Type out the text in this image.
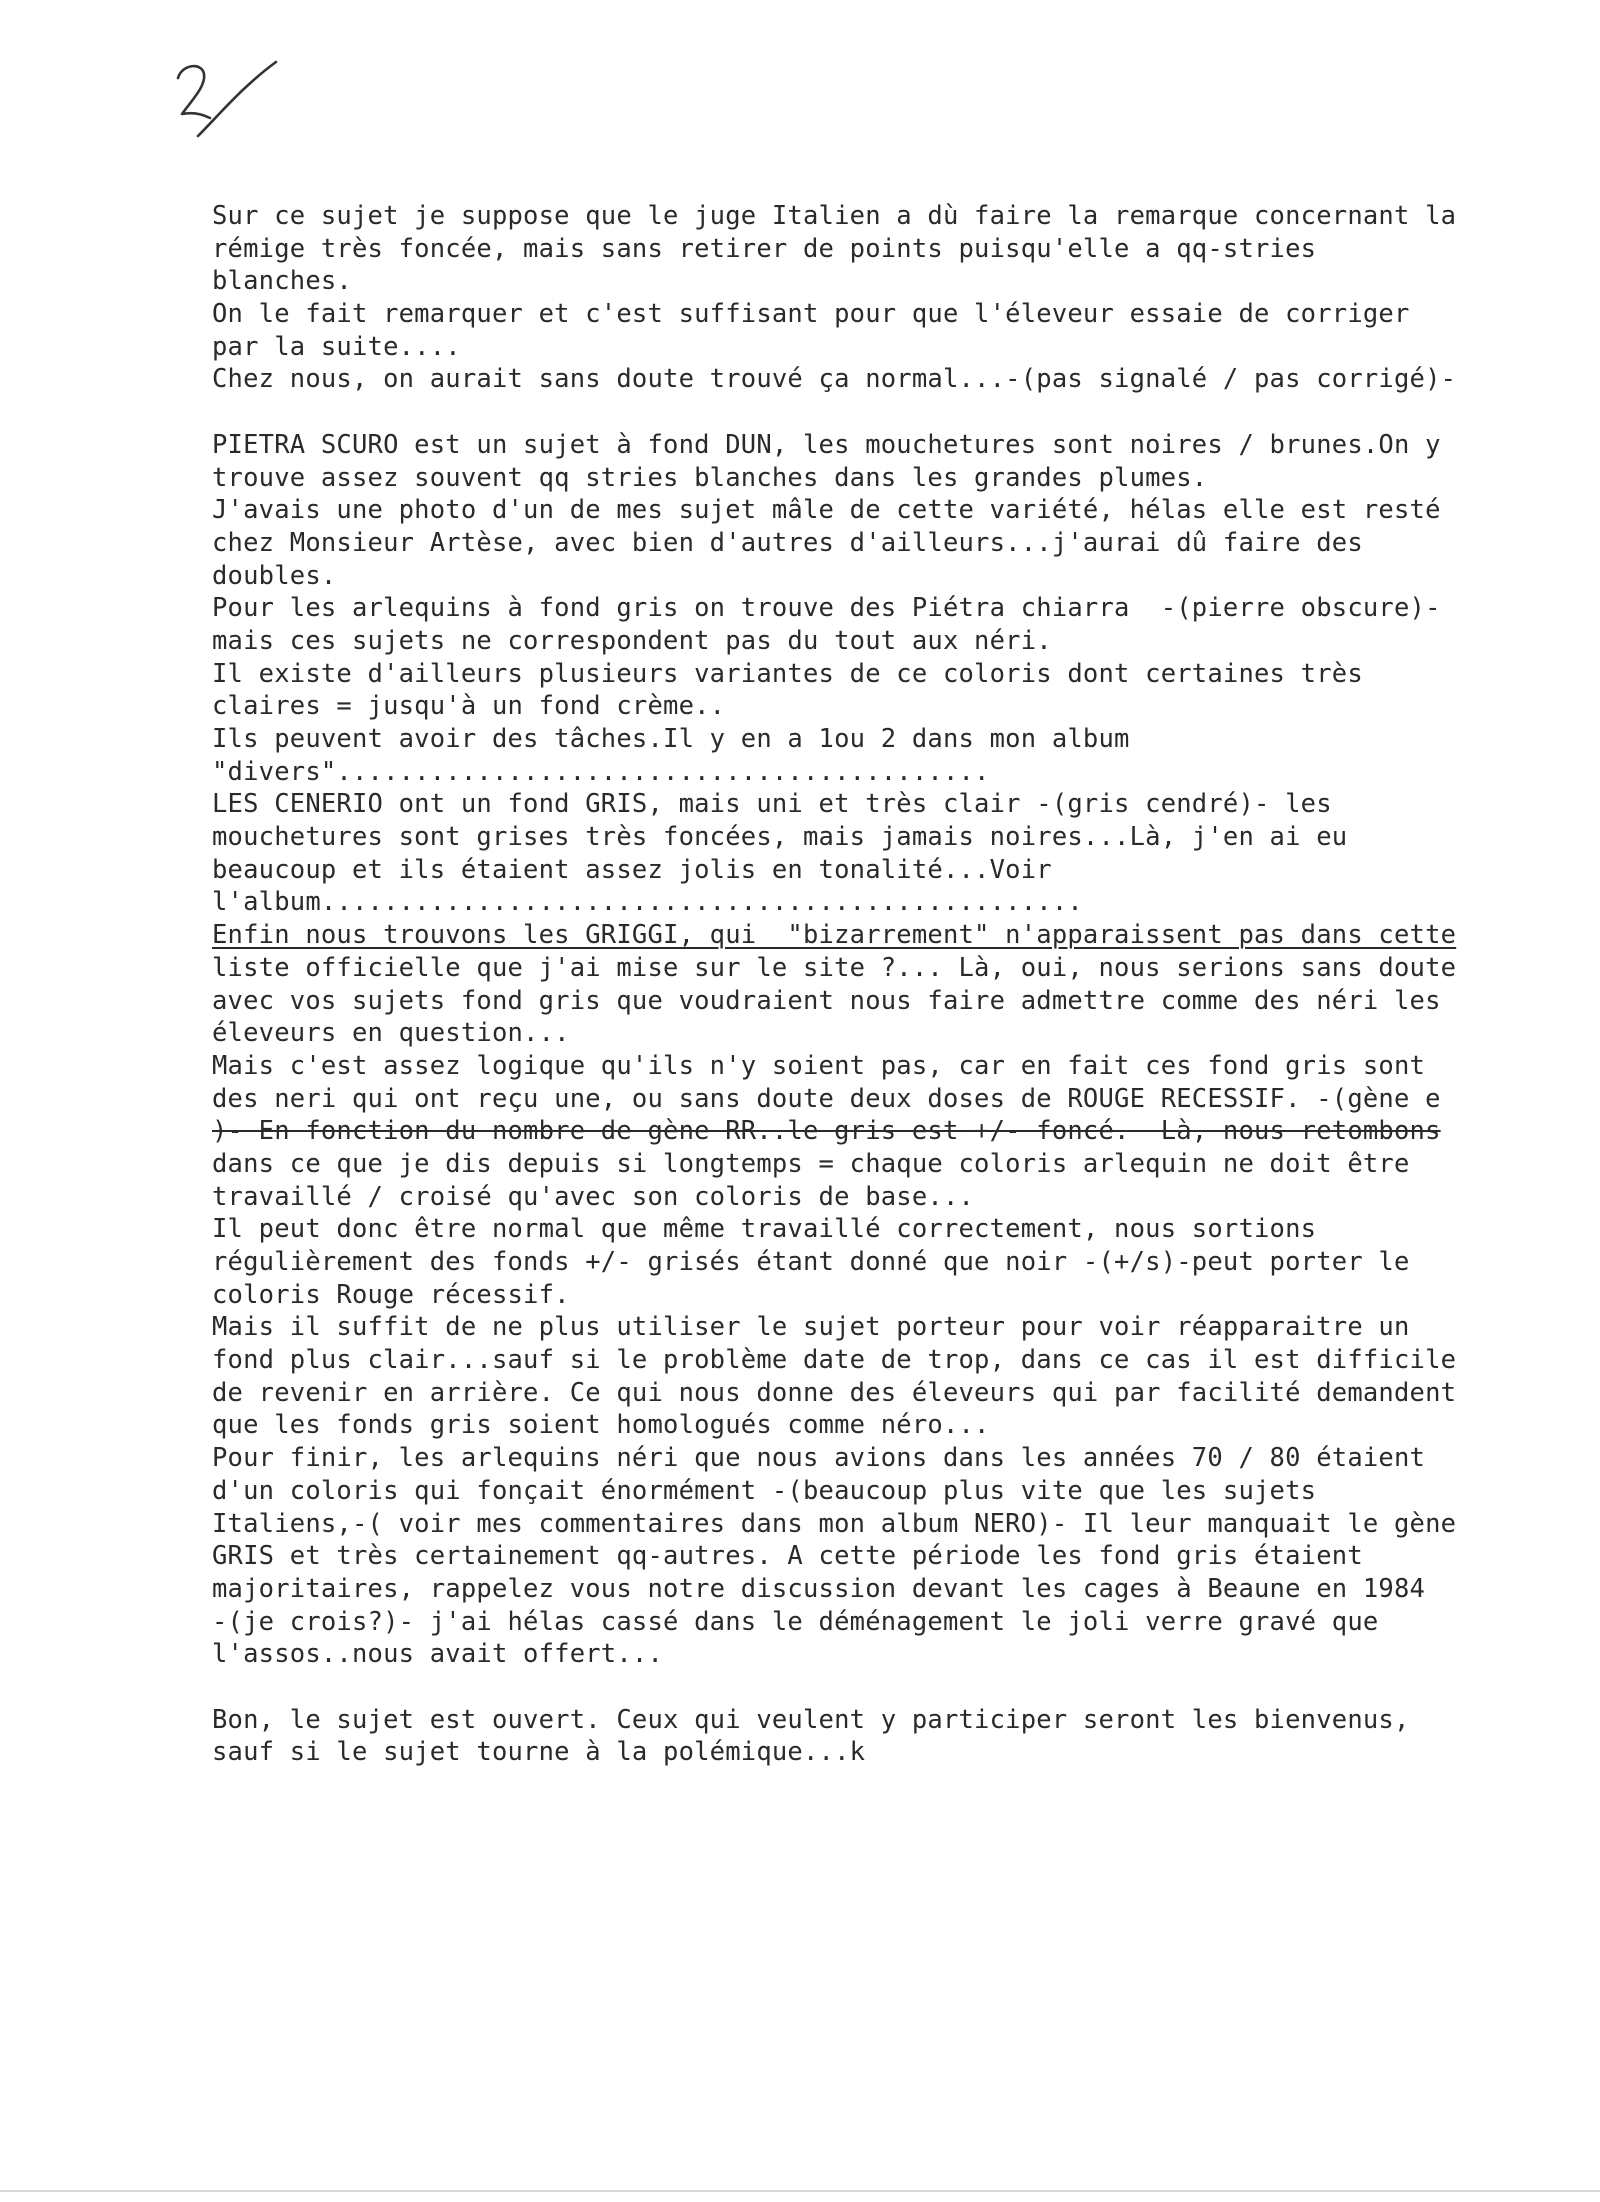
Sur ce sujet je suppose que le juge Italien a dù faire la remarque concernant la
rémige très foncée, mais sans retirer de points puisqu'elle a qq-stries
blanches.
On le fait remarquer et c'est suffisant pour que l'éleveur essaie de corriger
par la suite....
Chez nous, on aurait sans doute trouvé ça normal...-(pas signalé / pas corrigé)-
PIETRA SCURO est un sujet à fond DUN, les mouchetures sont noires / brunes.On y
trouve assez souvent qq stries blanches dans les grandes plumes.
J'avais une photo d'un de mes sujet mâle de cette variété, hélas elle est resté
chez Monsieur Artèse, avec bien d'autres d'ailleurs...j'aurai dû faire des
doubles.
Pour les arlequins à fond gris on trouve des Piétra chiarra  -(pierre obscure)-
mais ces sujets ne correspondent pas du tout aux néri.
Il existe d'ailleurs plusieurs variantes de ce coloris dont certaines très
claires = jusqu'à un fond crème..
Ils peuvent avoir des tâches.Il y en a 1ou 2 dans mon album
"divers"..........................................
LES CENERIO ont un fond GRIS, mais uni et très clair -(gris cendré)- les
mouchetures sont grises très foncées, mais jamais noires...Là, j'en ai eu
beaucoup et ils étaient assez jolis en tonalité...Voir
l'album.................................................
Enfin nous trouvons les GRIGGI, qui  "bizarrement" n'apparaissent pas dans cette
liste officielle que j'ai mise sur le site ?... Là, oui, nous serions sans doute
avec vos sujets fond gris que voudraient nous faire admettre comme des néri les
éleveurs en question...
Mais c'est assez logique qu'ils n'y soient pas, car en fait ces fond gris sont
des neri qui ont reçu une, ou sans doute deux doses de ROUGE RECESSIF. -(gène e
)- En fonction du nombre de gène RR..le gris est +/- foncé.  Là, nous retombons
dans ce que je dis depuis si longtemps = chaque coloris arlequin ne doit être
travaillé / croisé qu'avec son coloris de base...
Il peut donc être normal que même travaillé correctement, nous sortions
régulièrement des fonds +/- grisés étant donné que noir -(+/s)-peut porter le
coloris Rouge récessif.
Mais il suffit de ne plus utiliser le sujet porteur pour voir réapparaitre un
fond plus clair...sauf si le problème date de trop, dans ce cas il est difficile
de revenir en arrière. Ce qui nous donne des éleveurs qui par facilité demandent
que les fonds gris soient homologués comme néro...
Pour finir, les arlequins néri que nous avions dans les années 70 / 80 étaient
d'un coloris qui fonçait énormément -(beaucoup plus vite que les sujets
Italiens,-( voir mes commentaires dans mon album NERO)- Il leur manquait le gène
GRIS et très certainement qq-autres. A cette période les fond gris étaient
majoritaires, rappelez vous notre discussion devant les cages à Beaune en 1984
-(je crois?)- j'ai hélas cassé dans le déménagement le joli verre gravé que
l'assos..nous avait offert...
Bon, le sujet est ouvert. Ceux qui veulent y participer seront les bienvenus,
sauf si le sujet tourne à la polémique...k
